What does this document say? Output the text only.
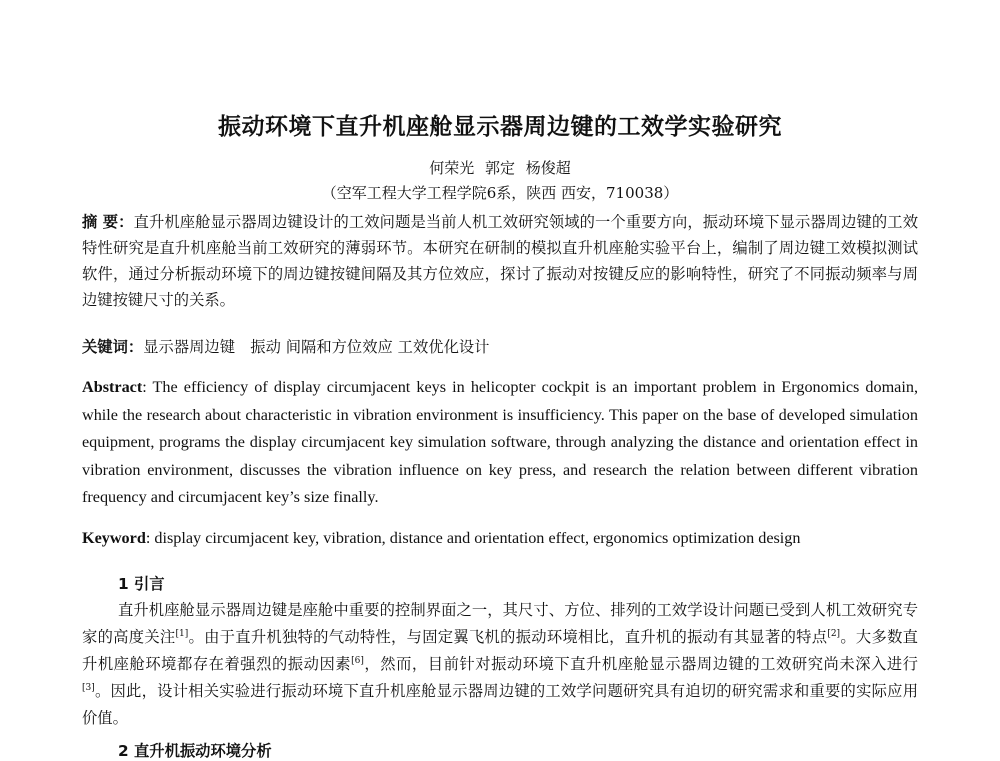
振动环境下直升机座舱显示器周边键的工效学实验研究
何荣光 郭定 杨俊超
（空军工程大学工程学院6系，陕西 西安，710038）
摘 要：直升机座舱显示器周边键设计的工效问题是当前人机工效研究领域的一个重要方向，振动环境下显示器周边键的工效特性研究是直升机座舱当前工效研究的薄弱环节。本研究在研制的模拟直升机座舱实验平台上，编制了周边键工效模拟测试软件，通过分析振动环境下的周边键按键间隔及其方位效应，探讨了振动对按键反应的影响特性，研究了不同振动频率与周边键按键尺寸的关系。
关键词：显示器周边键　振动 间隔和方位效应 工效优化设计
Abstract: The efficiency of display circumjacent keys in helicopter cockpit is an important problem in Ergonomics domain, while the research about characteristic in vibration environment is insufficiency. This paper on the base of developed simulation equipment, programs the display circumjacent key simulation software, through analyzing the distance and orientation effect in vibration environment, discusses the vibration influence on key press, and research the relation between different vibration frequency and circumjacent key’s size finally.
Keyword: display circumjacent key, vibration, distance and orientation effect, ergonomics optimization design
1 引言
直升机座舱显示器周边键是座舱中重要的控制界面之一，其尺寸、方位、排列的工效学设计问题已受到人机工效研究专家的高度关注[1]。由于直升机独特的气动特性，与固定翼飞机的振动环境相比，直升机的振动有其显著的特点[2]。大多数直升机座舱环境都存在着强烈的振动因素[6]，然而，目前针对振动环境下直升机座舱显示器周边键的工效研究尚未深入进行[3]。因此，设计相关实验进行振动环境下直升机座舱显示器周边键的工效学问题研究具有迫切的研究需求和重要的实际应用价值。
2 直升机振动环境分析
